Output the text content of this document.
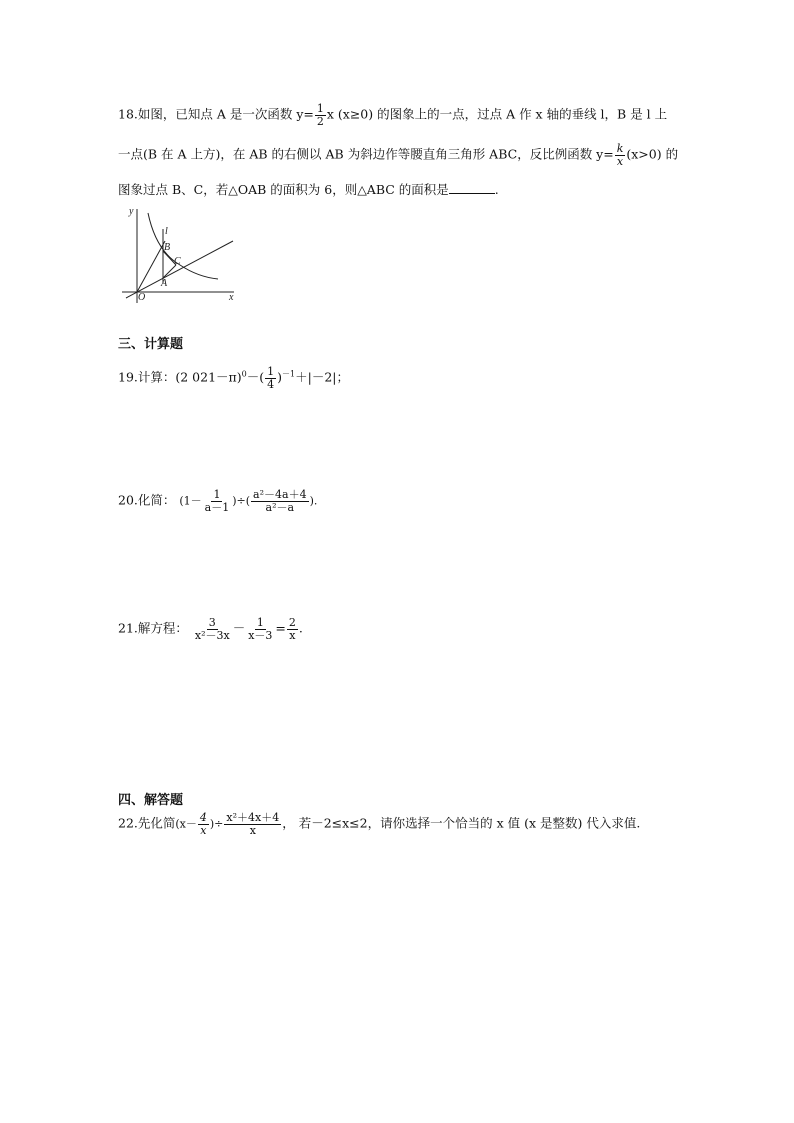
18.如图，已知点 A 是一次函数 $y= \frac{1}{2}$ x (x≥0) 的图象上的一点，过点 A 作 x 轴的垂线 l，B 是 l 上
一点(B 在 A 上方)，在 AB 的右侧以 AB 为斜边作等腰直角三角形 ABC，反比例函数 $y= \frac{k}{x} (x>0)$ 的
图象过点 B、C，若△OAB 的面积为 6，则△ABC 的面积是	.
y
x
l
B
C
A
O
三、计算题
19.计算：(2 $021-\pi)^0-( \frac{1}{4} )^{-1}+|-2|$；
20.化简： ($1- \frac{1}{a-1}$ )÷( $\frac{\text{a²－4a＋4}}{\text{a²－a}}$ ).
21.解方程： $\frac{3}{\text{x²－3x}} - \frac{1}{x-3} = \frac{2}{x}$ .
四、解答题
22.先化简($x- \frac{4}{x}$ )÷ $\frac{\text{x²＋4x＋4}}{x}$ ， 若－2≤x≤2，请你选择一个恰当的 x 值 (x 是整数) 代入求值.
